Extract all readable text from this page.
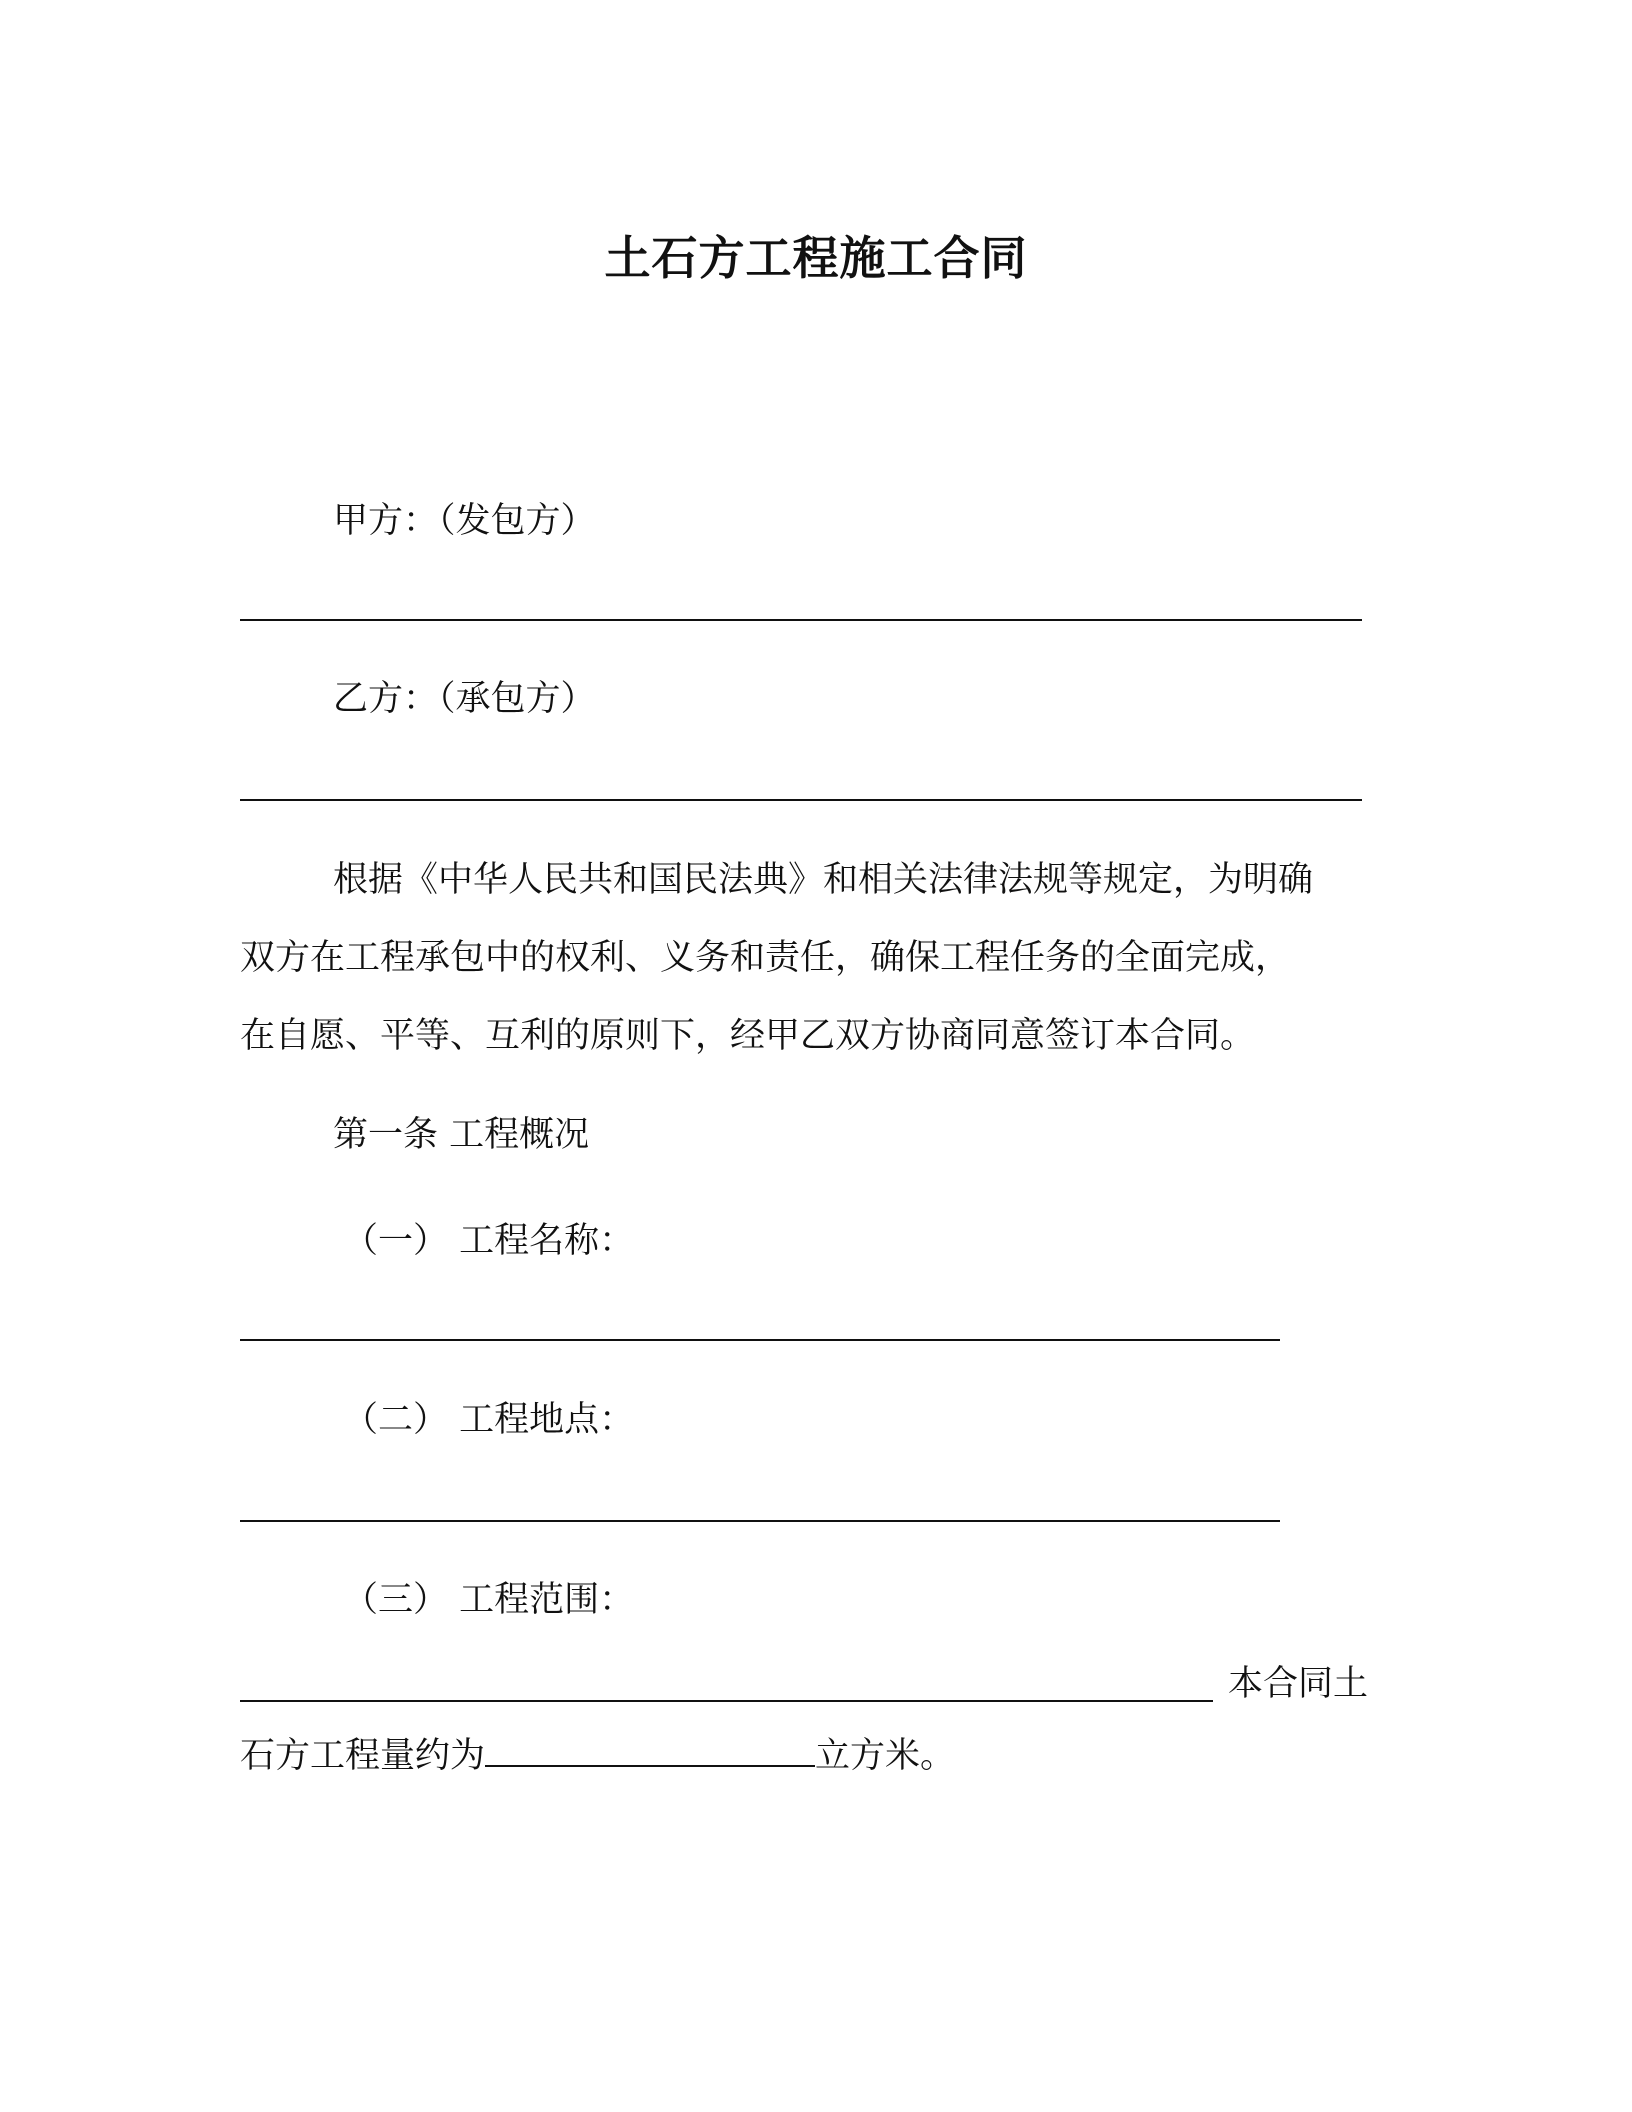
土石方工程施工合同
甲方：（发包方）
乙方：（承包方）
根据《中华人民共和国民法典》和相关法律法规等规定，为明确
双方在工程承包中的权利、义务和责任，确保工程任务的全面完成，
在自愿、平等、互利的原则下，经甲乙双方协商同意签订本合同。
第一条 工程概况
（一） 工程名称：
（二） 工程地点：
（三） 工程范围：
本合同土
石方工程量约为	立方米。
